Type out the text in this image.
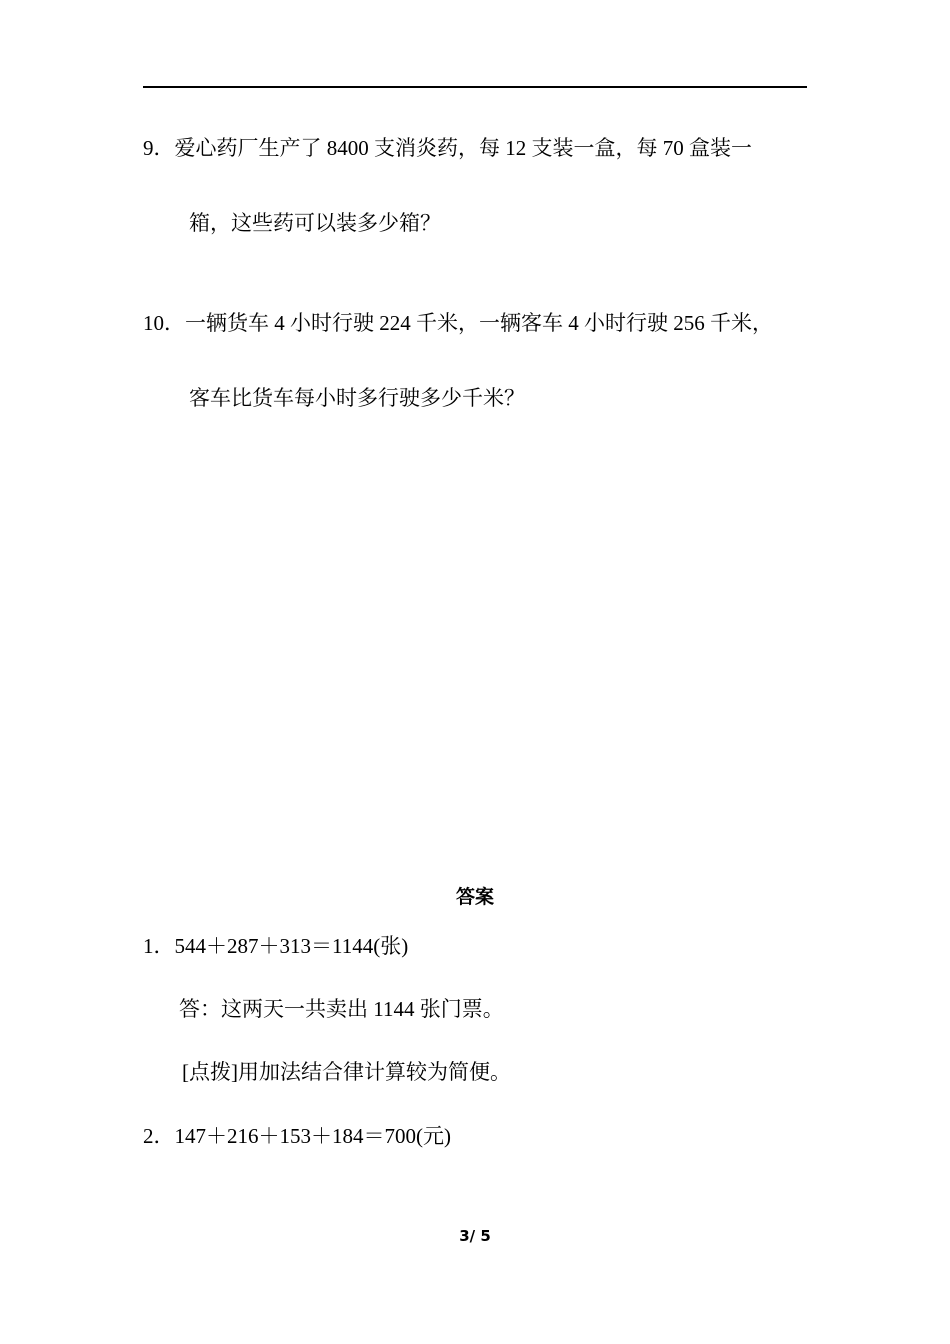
9．爱心药厂生产了 8400 支消炎药，每 12 支装一盒，每 70 盒装一
箱，这些药可以装多少箱？
10．一辆货车 4 小时行驶 224 千米，一辆客车 4 小时行驶 256 千米，
客车比货车每小时多行驶多少千米？
答案
1．544＋287＋313＝1144(张)
答：这两天一共卖出 1144 张门票。
[点拨]用加法结合律计算较为简便。
2．147＋216＋153＋184＝700(元)
3/ 5
